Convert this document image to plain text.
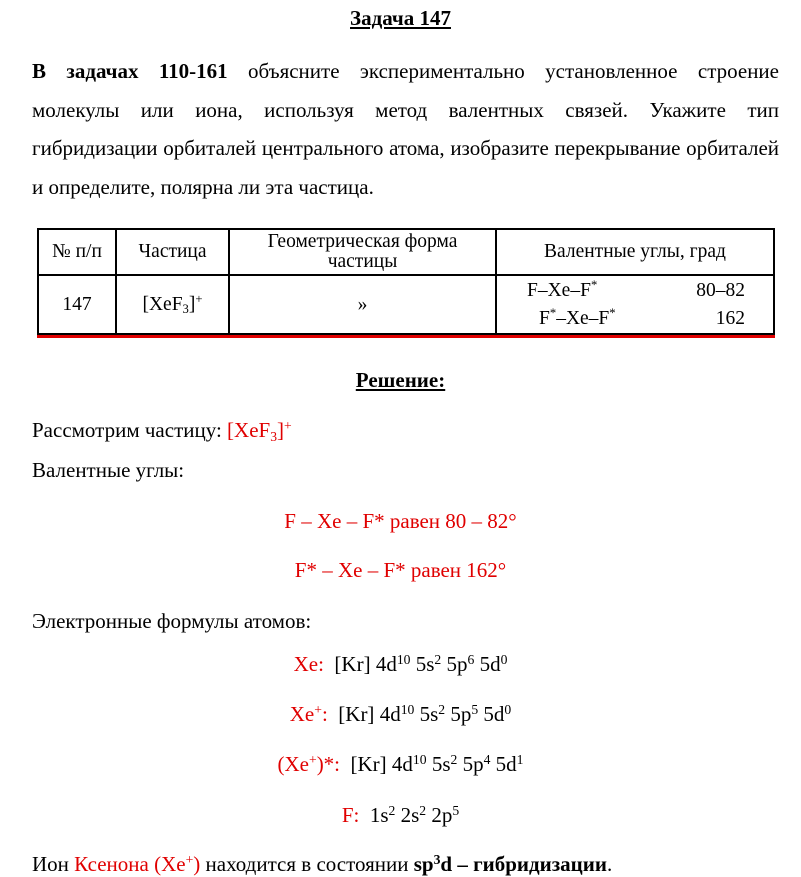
Задача 147
В задачах 110-161 объясните экспериментально установленное строение молекулы или иона, используя метод валентных связей. Укажите тип гибридизации орбиталей центрального атома, изобразите перекрывание орбиталей и определите, полярна ли эта частица.
№ п/п	Частица	Геометрическая форма частицы	Валентные углы, град
147	[XeF$_3$]+	»	F–Xe–F* 80–82
F*–Xe–F* 162
Решение:
Рассмотрим частицу: [XeF$_3$]+
Валентные углы:
F – Xe – F* равен 80 – 82°
F* – Xe – F* равен 162°
Электронные формулы атомов:
Xe: [Kr] $4d^{10}$ $5s^2$ $5p^6$ $5d^0$
Xe+: [Kr] $4d^{10}$ $5s^2$ $5p^5$ $5d^0$
(Xe+)*: [Kr] $4d^{10}$ $5s^2$ $5p^4$ $5d^1$
F:  $1s^2$ $2s^2$ $2p^5$
Ион Ксенона (Xe+) находится в состоянии $sp^3d$ – гибридизации.
